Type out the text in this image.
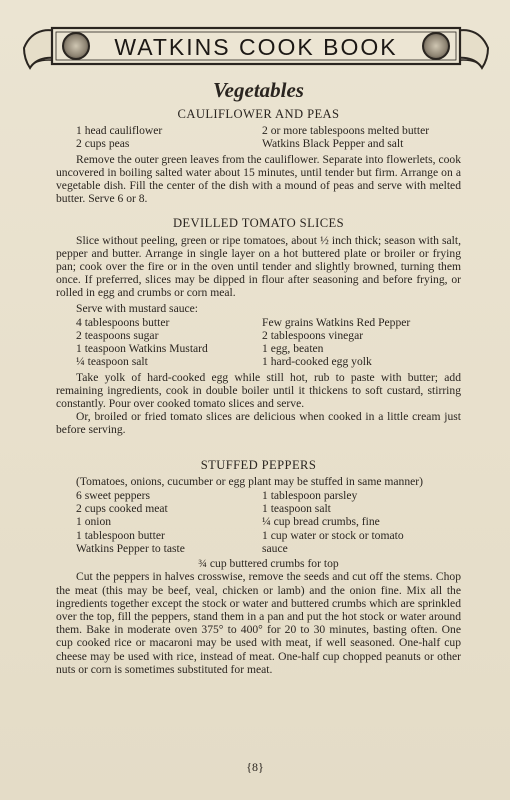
WATKINS COOK BOOK
Vegetables
CAULIFLOWER AND PEAS
1 head cauliflower	2 or more tablespoons melted butter
2 cups peas	Watkins Black Pepper and salt

Remove the outer green leaves from the cauliflower. Separate into flowerlets, cook uncovered in boiling salted water about 15 minutes, until tender but firm. Arrange on a vegetable dish. Fill the center of the dish with a mound of peas and serve with melted butter. Serve 6 or 8.

DEVILLED TOMATO SLICES

Slice without peeling, green or ripe tomatoes, about ½ inch thick; season with salt, pepper and butter. Arrange in single layer on a hot buttered plate or broiler or frying pan; cook over the fire or in the oven until tender and slightly browned, turning them once. If preferred, slices may be dipped in flour after seasoning and before frying, or rolled in egg and crumbs or corn meal.

Serve with mustard sauce:
4 tablespoons butter	Few grains Watkins Red Pepper
2 teaspoons sugar	2 tablespoons vinegar
1 teaspoon Watkins Mustard	1 egg, beaten
¼ teaspoon salt	1 hard-cooked egg yolk

Take yolk of hard-cooked egg while still hot, rub to paste with butter; add remaining ingredients, cook in double boiler until it thickens to soft custard, stirring constantly. Pour over cooked tomato slices and serve.

Or, broiled or fried tomato slices are delicious when cooked in a little cream just before serving.

STUFFED PEPPERS

(Tomatoes, onions, cucumber or egg plant may be stuffed in same manner)

6 sweet peppers	1 tablespoon parsley
2 cups cooked meat	1 teaspoon salt
1 onion	¼ cup bread crumbs, fine
1 tablespoon butter	1 cup water or stock or tomato
Watkins Pepper to taste	sauce
¾ cup buttered crumbs for top

Cut the peppers in halves crosswise, remove the seeds and cut off the stems. Chop the meat (this may be beef, veal, chicken or lamb) and the onion fine. Mix all the ingredients together except the stock or water and buttered crumbs which are sprinkled over the top, fill the peppers, stand them in a pan and put the hot stock or water around them. Bake in moderate oven 375° to 400° for 20 to 30 minutes, basting often. One cup cooked rice or macaroni may be used with meat, if well seasoned. One-half cup cheese may be used with rice, instead of meat. One-half cup chopped peanuts or other nuts or corn is sometimes substituted for meat.

{8}
